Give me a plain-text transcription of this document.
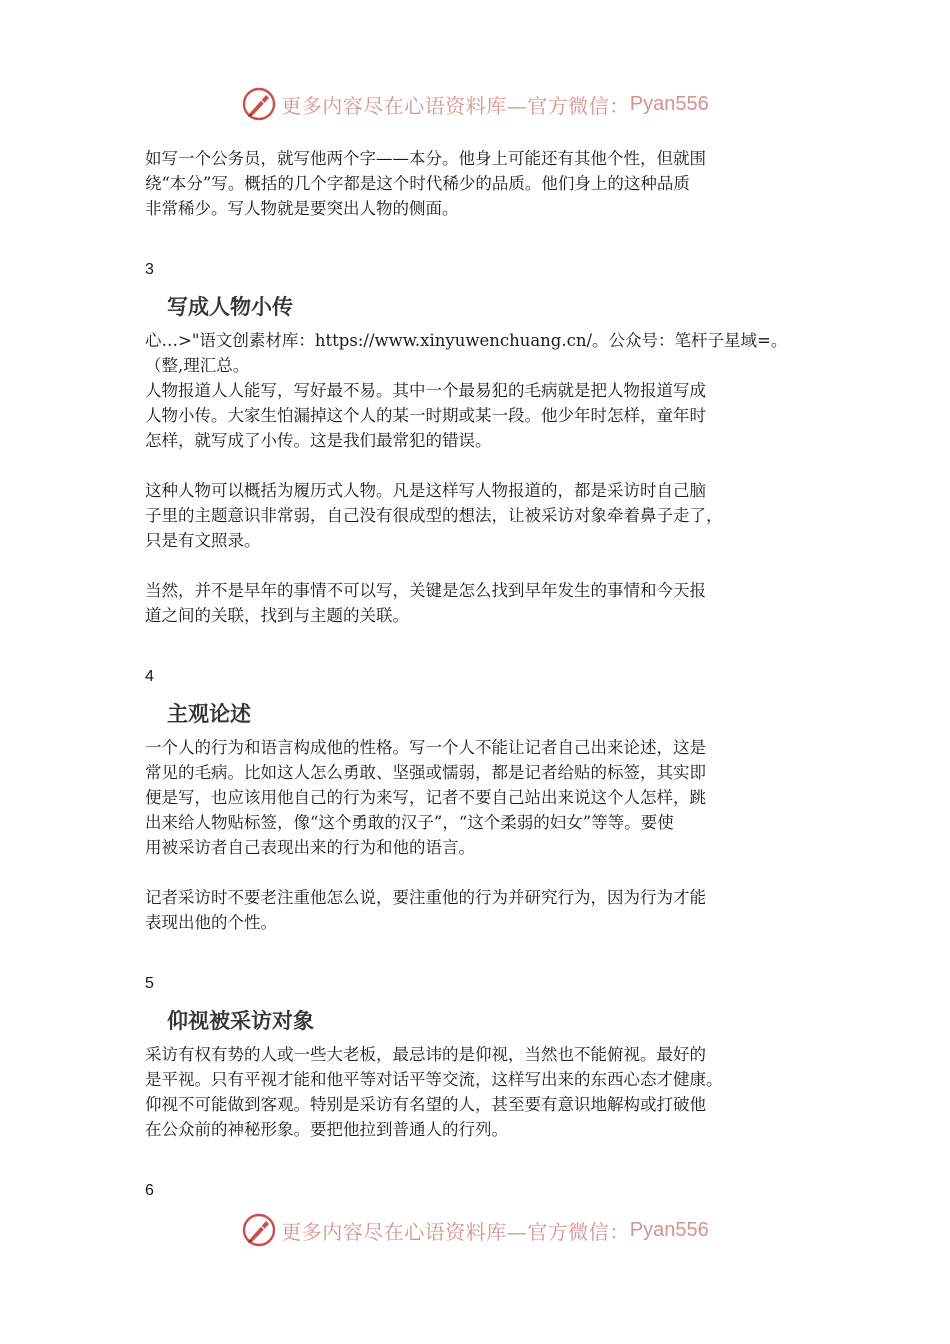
更多内容尽在心语资料库—官方微信： Pyan556

如写一个公务员，就写他两个字——本分。他身上可能还有其他个性，但就围
绕“本分”写。概括的几个字都是这个时代稀少的品质。他们身上的这种品质
非常稀少。写人物就是要突出人物的侧面。

3
写成人物小传

心…>"语文创素材库：https://www.xinyuwenchuang.cn/。公众号：笔杆子星域=。
（整,理汇总。
人物报道人人能写，写好最不易。其中一个最易犯的毛病就是把人物报道写成
人物小传。大家生怕漏掉这个人的某一时期或某一段。他少年时怎样，童年时
怎样，就写成了小传。这是我们最常犯的错误。

这种人物可以概括为履历式人物。凡是这样写人物报道的，都是采访时自己脑
子里的主题意识非常弱，自己没有很成型的想法，让被采访对象牵着鼻子走了，
只是有文照录。

当然，并不是早年的事情不可以写，关键是怎么找到早年发生的事情和今天报
道之间的关联，找到与主题的关联。

4
主观论述

一个人的行为和语言构成他的性格。写一个人不能让记者自己出来论述，这是
常见的毛病。比如这人怎么勇敢、坚强或懦弱，都是记者给贴的标签，其实即
便是写，也应该用他自己的行为来写，记者不要自己站出来说这个人怎样，跳
出来给人物贴标签，像“这个勇敢的汉子”，“这个柔弱的妇女”等等。要使
用被采访者自己表现出来的行为和他的语言。

记者采访时不要老注重他怎么说，要注重他的行为并研究行为，因为行为才能
表现出他的个性。

5
仰视被采访对象

采访有权有势的人或一些大老板，最忌讳的是仰视，当然也不能俯视。最好的
是平视。只有平视才能和他平等对话平等交流，这样写出来的东西心态才健康。
仰视不可能做到客观。特别是采访有名望的人，甚至要有意识地解构或打破他
在公众前的神秘形象。要把他拉到普通人的行列。

6
更多内容尽在心语资料库—官方微信： Pyan556
